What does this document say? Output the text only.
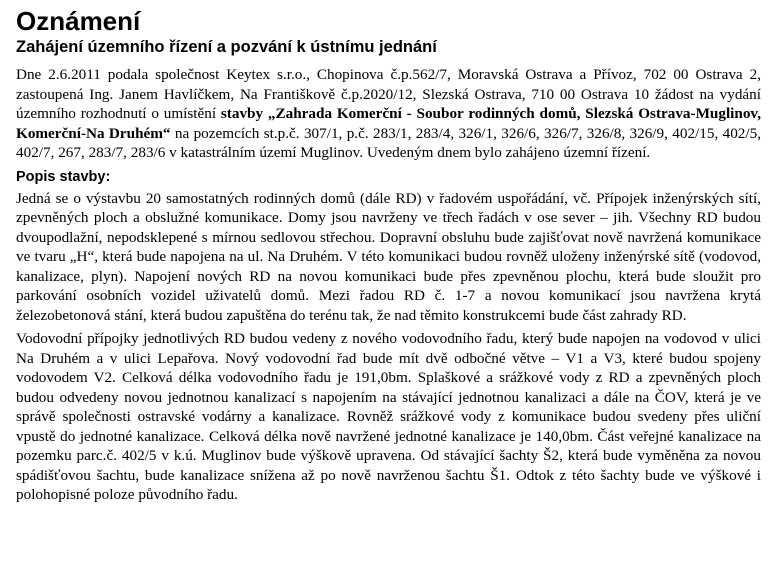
Oznámení
Zahájení územního řízení a pozvání k ústnímu jednání

Dne 2.6.2011 podala společnost Keytex s.r.o., Chopinova č.p.562/7, Moravská Ostrava a Přívoz, 702 00 Ostrava 2, zastoupená Ing. Janem Havlíčkem, Na Františkově č.p.2020/12, Slezská Ostrava, 710 00 Ostrava 10 žádost na vydání územního rozhodnutí o umístění stavby „Zahrada Komerční - Soubor rodinných domů, Slezská Ostrava-Muglinov, Komerční-Na Druhém“ na pozemcích st.p.č. 307/1, p.č. 283/1, 283/4, 326/1, 326/6, 326/7, 326/8, 326/9, 402/15, 402/5, 402/7, 267, 283/7, 283/6 v katastrálním území Muglinov. Uvedeným dnem bylo zahájeno územní řízení.

Popis stavby:

Jedná se o výstavbu 20 samostatných rodinných domů (dále RD) v řadovém uspořádání, vč. Přípojek inženýrských sítí, zpevněných ploch a obslužné komunikace. Domy jsou navrženy ve třech řadách v ose sever – jih. Všechny RD budou dvoupodlažní, nepodsklepené s mírnou sedlovou střechou. Dopravní obsluhu bude zajišťovat nově navržená komunikace ve tvaru „H“, která bude napojena na ul. Na Druhém. V této komunikaci budou rovněž uloženy inženýrské sítě (vodovod, kanalizace, plyn). Napojení nových RD na novou komunikaci bude přes zpevněnou plochu, která bude sloužit pro parkování osobních vozidel uživatelů domů. Mezi řadou RD č. 1-7 a novou komunikací jsou navržena krytá železobetonová stání, která budou zapuštěna do terénu tak, že nad těmito konstrukcemi bude část zahrady RD.

Vodovodní přípojky jednotlivých RD budou vedeny z nového vodovodního řadu, který bude napojen na vodovod v ulici Na Druhém a v ulici Lepařova. Nový vodovodní řad bude mít dvě odbočné větve – V1 a V3, které budou spojeny vodovodem V2. Celková délka vodovodního řadu je 191,0bm. Splaškové a srážkové vody z RD a zpevněných ploch budou odvedeny novou jednotnou kanalizací s napojením na stávající jednotnou kanalizaci a dále na ČOV, která je ve správě společnosti ostravské vodárny a kanalizace. Rovněž srážkové vody z komunikace budou svedeny přes uliční vpustě do jednotné kanalizace. Celková délka nově navržené jednotné kanalizace je 140,0bm. Část veřejné kanalizace na pozemku parc.č. 402/5 v k.ú. Muglinov bude výškově upravena. Od stávající šachty Š2, která bude vyměněna za novou spádišťovou šachtu, bude kanalizace snížena až po nově navrženou šachtu Š1. Odtok z této šachty bude ve výškové i polohopisné poloze původního řadu.
